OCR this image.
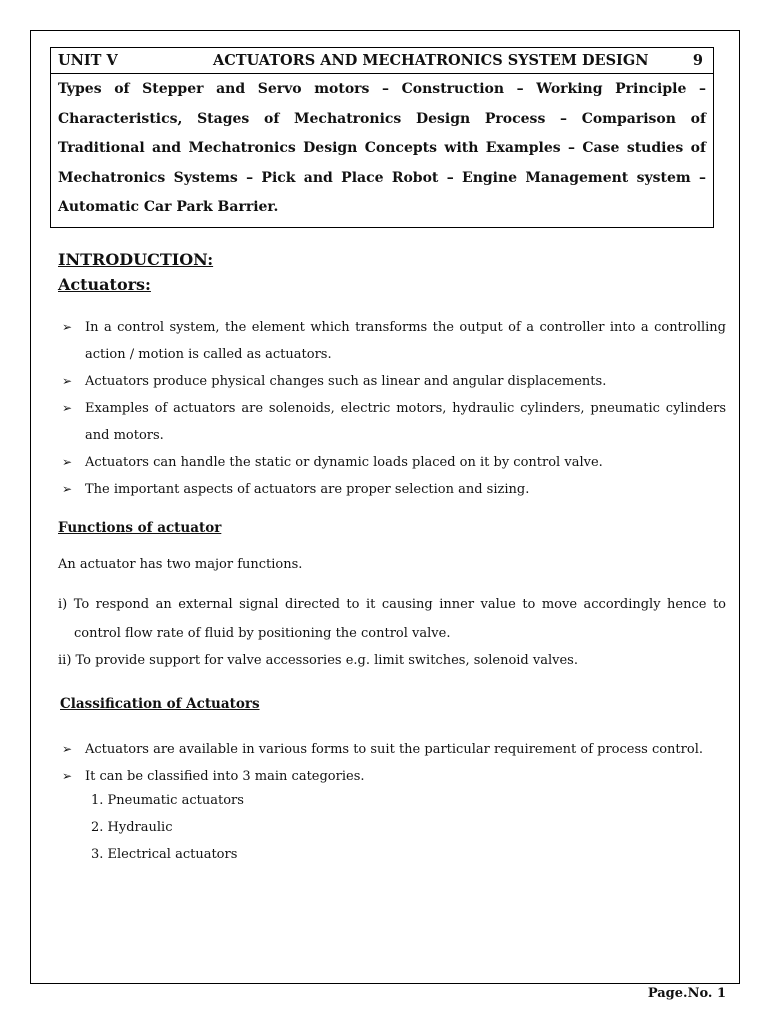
UNIT V	ACTUATORS AND MECHATRONICS SYSTEM DESIGN	9
Types of Stepper and Servo motors – Construction – Working Principle – Characteristics, Stages of Mechatronics Design Process – Comparison of Traditional and Mechatronics Design Concepts with Examples – Case studies of Mechatronics Systems – Pick and Place Robot – Engine Management system – Automatic Car Park Barrier.
INTRODUCTION:
Actuators:
➢ In a control system, the element which transforms the output of a controller into a controlling action / motion is called as actuators.
➢ Actuators produce physical changes such as linear and angular displacements.
➢ Examples of actuators are solenoids, electric motors, hydraulic cylinders, pneumatic cylinders and motors.
➢ Actuators can handle the static or dynamic loads placed on it by control valve.
➢ The important aspects of actuators are proper selection and sizing.
Functions of actuator
An actuator has two major functions.
i) To respond an external signal directed to it causing inner value to move accordingly hence to control flow rate of fluid by positioning the control valve.
ii) To provide support for valve accessories e.g. limit switches, solenoid valves.
Classification of Actuators
➢ Actuators are available in various forms to suit the particular requirement of process control.
➢ It can be classified into 3 main categories.
1. Pneumatic actuators
2. Hydraulic
3. Electrical actuators
Page.No. 1
